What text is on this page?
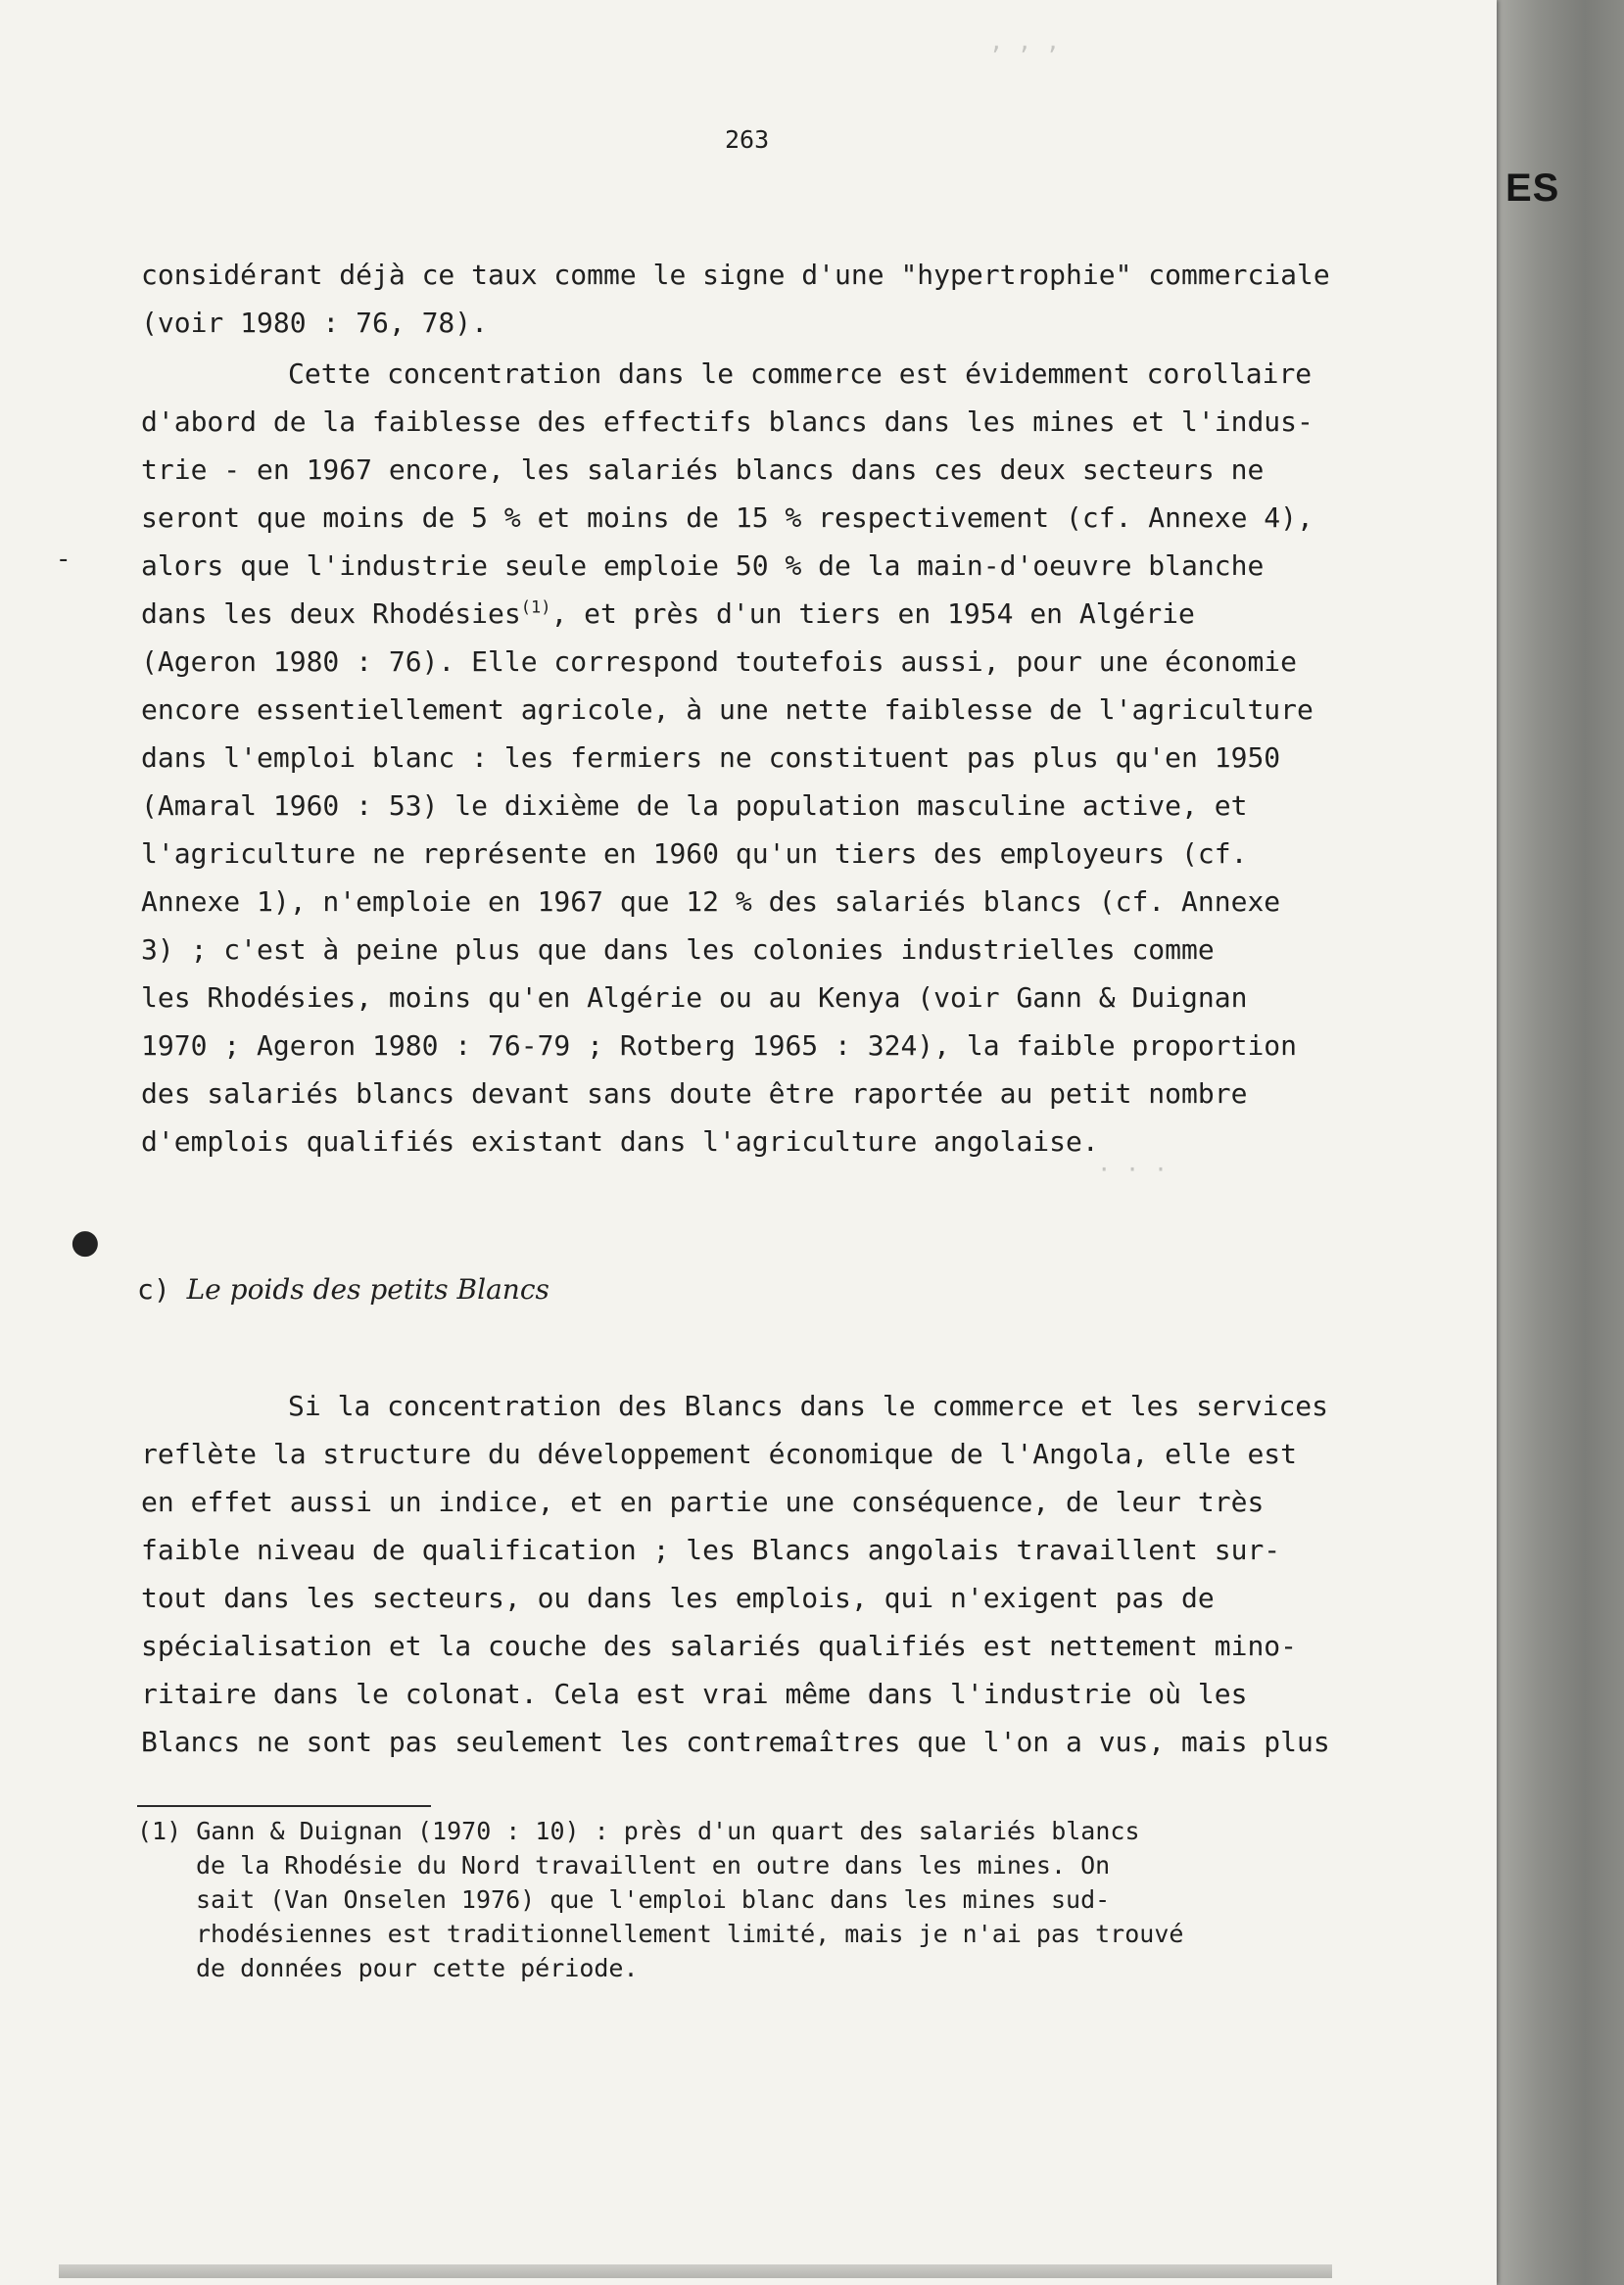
ES
, , ,
· · ·
263
considérant déjà ce taux comme le signe d'une "hypertrophie" commerciale
(voir 1980 : 76, 78).
Cette concentration dans le commerce est évidemment corollaire
d'abord de la faiblesse des effectifs blancs dans les mines et l'indus-
trie - en 1967 encore, les salariés blancs dans ces deux secteurs ne
seront que moins de 5 % et moins de 15 % respectivement (cf. Annexe 4),
alors que l'industrie seule emploie 50 % de la main-d'oeuvre blanche
dans les deux Rhodésies$^{(1)}$, et près d'un tiers en 1954 en Algérie
(Ageron 1980 : 76). Elle correspond toutefois aussi, pour une économie
encore essentiellement agricole, à une nette faiblesse de l'agriculture
dans l'emploi blanc : les fermiers ne constituent pas plus qu'en 1950
(Amaral 1960 : 53) le dixième de la population masculine active, et
l'agriculture ne représente en 1960 qu'un tiers des employeurs (cf.
Annexe 1), n'emploie en 1967 que 12 % des salariés blancs (cf. Annexe
3) ; c'est à peine plus que dans les colonies industrielles comme
les Rhodésies, moins qu'en Algérie ou au Kenya (voir Gann & Duignan
1970 ; Ageron 1980 : 76-79 ; Rotberg 1965 : 324), la faible proportion
des salariés blancs devant sans doute être raportée au petit nombre
d'emplois qualifiés existant dans l'agriculture angolaise.
-
●
c) Le poids des petits Blancs
Si la concentration des Blancs dans le commerce et les services
reflète la structure du développement économique de l'Angola, elle est
en effet aussi un indice, et en partie une conséquence, de leur très
faible niveau de qualification ; les Blancs angolais travaillent sur-
tout dans les secteurs, ou dans les emplois, qui n'exigent pas de
spécialisation et la couche des salariés qualifiés est nettement mino-
ritaire dans le colonat. Cela est vrai même dans l'industrie où les
Blancs ne sont pas seulement les contremaîtres que l'on a vus, mais plus
(1) Gann & Duignan (1970 : 10) : près d'un quart des salariés blancs
de la Rhodésie du Nord travaillent en outre dans les mines. On
sait (Van Onselen 1976) que l'emploi blanc dans les mines sud-
rhodésiennes est traditionnellement limité, mais je n'ai pas trouvé
de données pour cette période.
